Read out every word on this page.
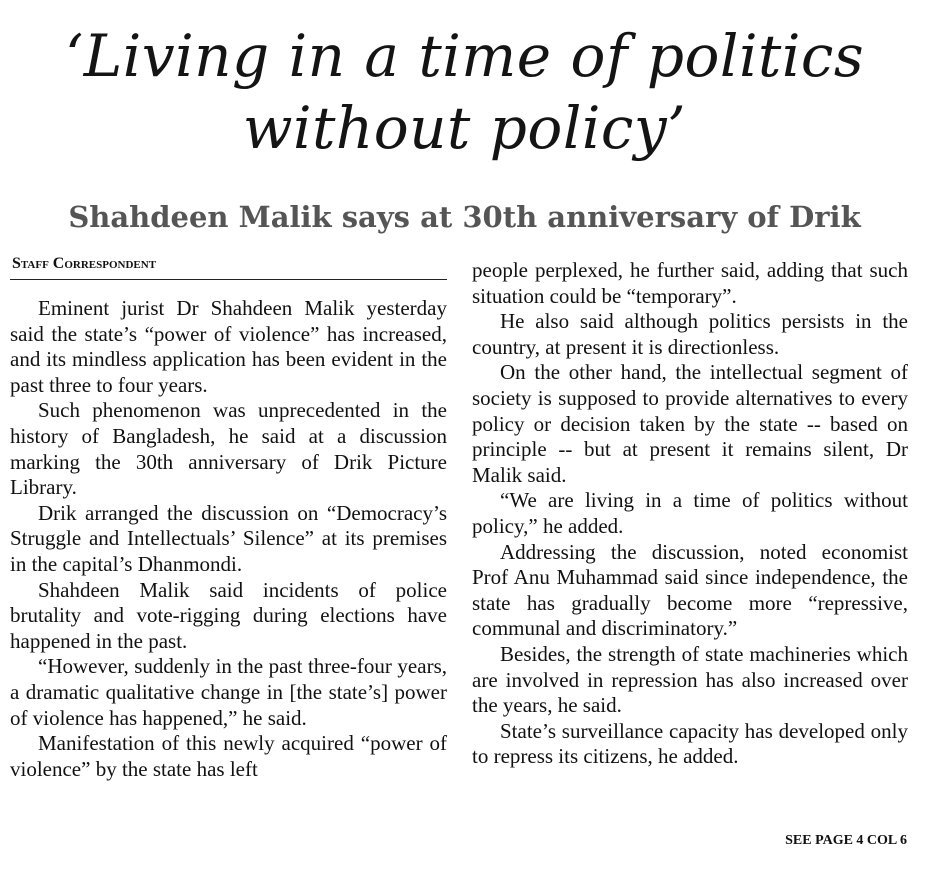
‘Living in a time of politics
without policy’
Shahdeen Malik says at 30th anniversary of Drik
Staff Correspondent

Eminent jurist Dr Shahdeen Malik yesterday said the state’s “power of violence” has increased, and its mindless application has been evident in the past three to four years.

Such phenomenon was unprecedented in the history of Bangladesh, he said at a discussion marking the 30th anniversary of Drik Picture Library.

Drik arranged the discussion on “Democracy’s Struggle and Intellectuals’ Silence” at its premises in the capital’s Dhanmondi.

Shahdeen Malik said incidents of police brutality and vote-rigging during elections have happened in the past.

“However, suddenly in the past three-four years, a dramatic qualitative change in [the state’s] power of violence has happened,” he said.

Manifestation of this newly acquired “power of violence” by the state has left

people perplexed, he further said, adding that such situation could be “temporary”.

He also said although politics persists in the country, at present it is directionless.

On the other hand, the intellectual segment of society is supposed to provide alternatives to every policy or decision taken by the state -- based on principle -- but at present it remains silent, Dr Malik said.

“We are living in a time of politics without policy,” he added.

Addressing the discussion, noted economist Prof Anu Muhammad said since independence, the state has gradually become more “repressive, communal and discriminatory.”

Besides, the strength of state machineries which are involved in repression has also increased over the years, he said.

State’s surveillance capacity has developed only to repress its citizens, he added.

SEE PAGE 4 COL 6
